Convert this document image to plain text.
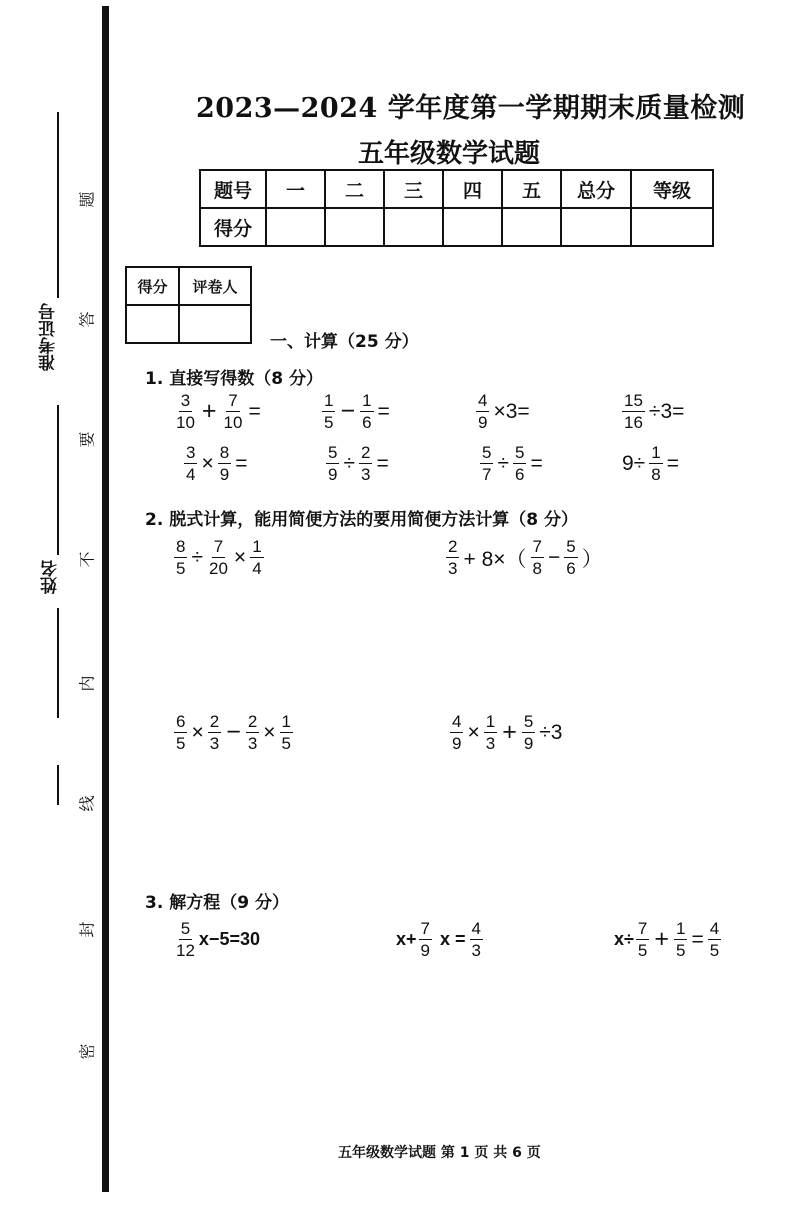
准考证号
姓名
题
答
要
不
内
线
封
密
2023—2024 学年度第一学期期末质量检测
五年级数学试题
题号	一	二	三	四	五	总分	等级
得分							
得分	评卷人

一、计算（25 分）
1. 直接写得数（8 分）
$\frac{3}{10} + \frac{7}{10}$ =	$\frac{1}{5} - \frac{1}{6}$ =	$\frac{4}{9} \times 3=$	$\frac{15}{16} \div 3=$
$\frac{3}{4} \times \frac{8}{9}$ =	$\frac{5}{9} \div \frac{2}{3}$ =	$\frac{5}{7} \div \frac{5}{6}$ =	$9\div \frac{1}{8}$ =
2. 脱式计算，能用简便方法的要用简便方法计算（8 分）
$\frac{8}{5} \div \frac{7}{20} \times \frac{1}{4}$	$\frac{2}{3} + 8\times( \frac{7}{8} - \frac{5}{6}$ ）
$\frac{6}{5} \times \frac{2}{3} - \frac{2}{3} \times \frac{1}{5}$	$\frac{4}{9} \times \frac{1}{3} + \frac{5}{9} \div 3$
3. 解方程（9 分）
$\frac{5}{12} x-5=30$	$x+ \frac{7}{9}$ $x = \frac{4}{3}$	$x\div \frac{7}{5} + \frac{1}{5} = \frac{4}{5}$
五年级数学试题 第 1 页 共 6 页
